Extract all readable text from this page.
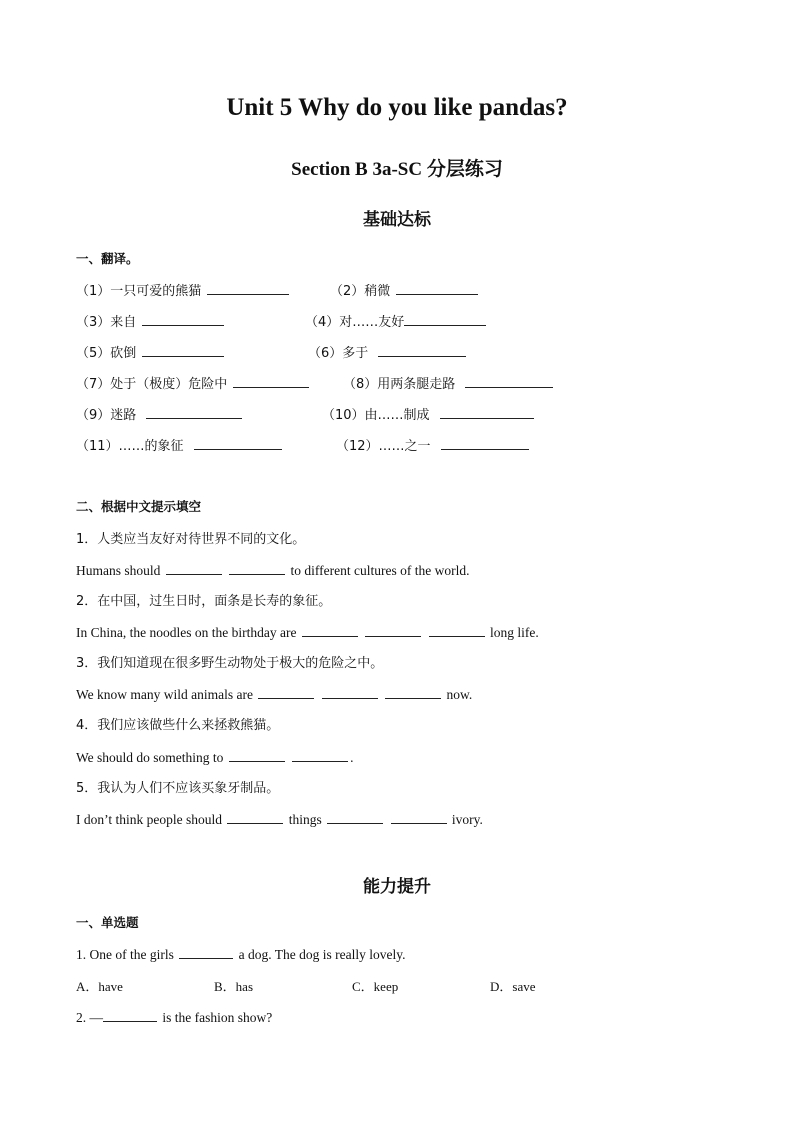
Unit 5 Why do you like pandas?
Section B 3a-SC 分层练习
基础达标
一、翻译。
（1）一只可爱的熊猫	（2）稍微
（3）来自	（4）对……友好
（5）砍倒	（6）多于
（7）处于（极度）危险中	（8）用两条腿走路
（9）迷路	（10）由……制成
（11）……的象征	（12）……之一
二、根据中文提示填空
1．人类应当友好对待世界不同的文化。
Humans should	to different cultures of the world.
2．在中国，过生日时，面条是长寿的象征。
In China, the noodles on the birthday are	long life.
3．我们知道现在很多野生动物处于极大的危险之中。
We know many wild animals are	now.
4．我们应该做些什么来拯救熊猫。
We should do something to	.
5．我认为人们不应该买象牙制品。
I don’t think people should	things	ivory.
能力提升
一、单选题
1. One of the girls	a dog. The dog is really lovely.
A．have	B．has	C．keep	D．save
2. —	is the fashion show?
